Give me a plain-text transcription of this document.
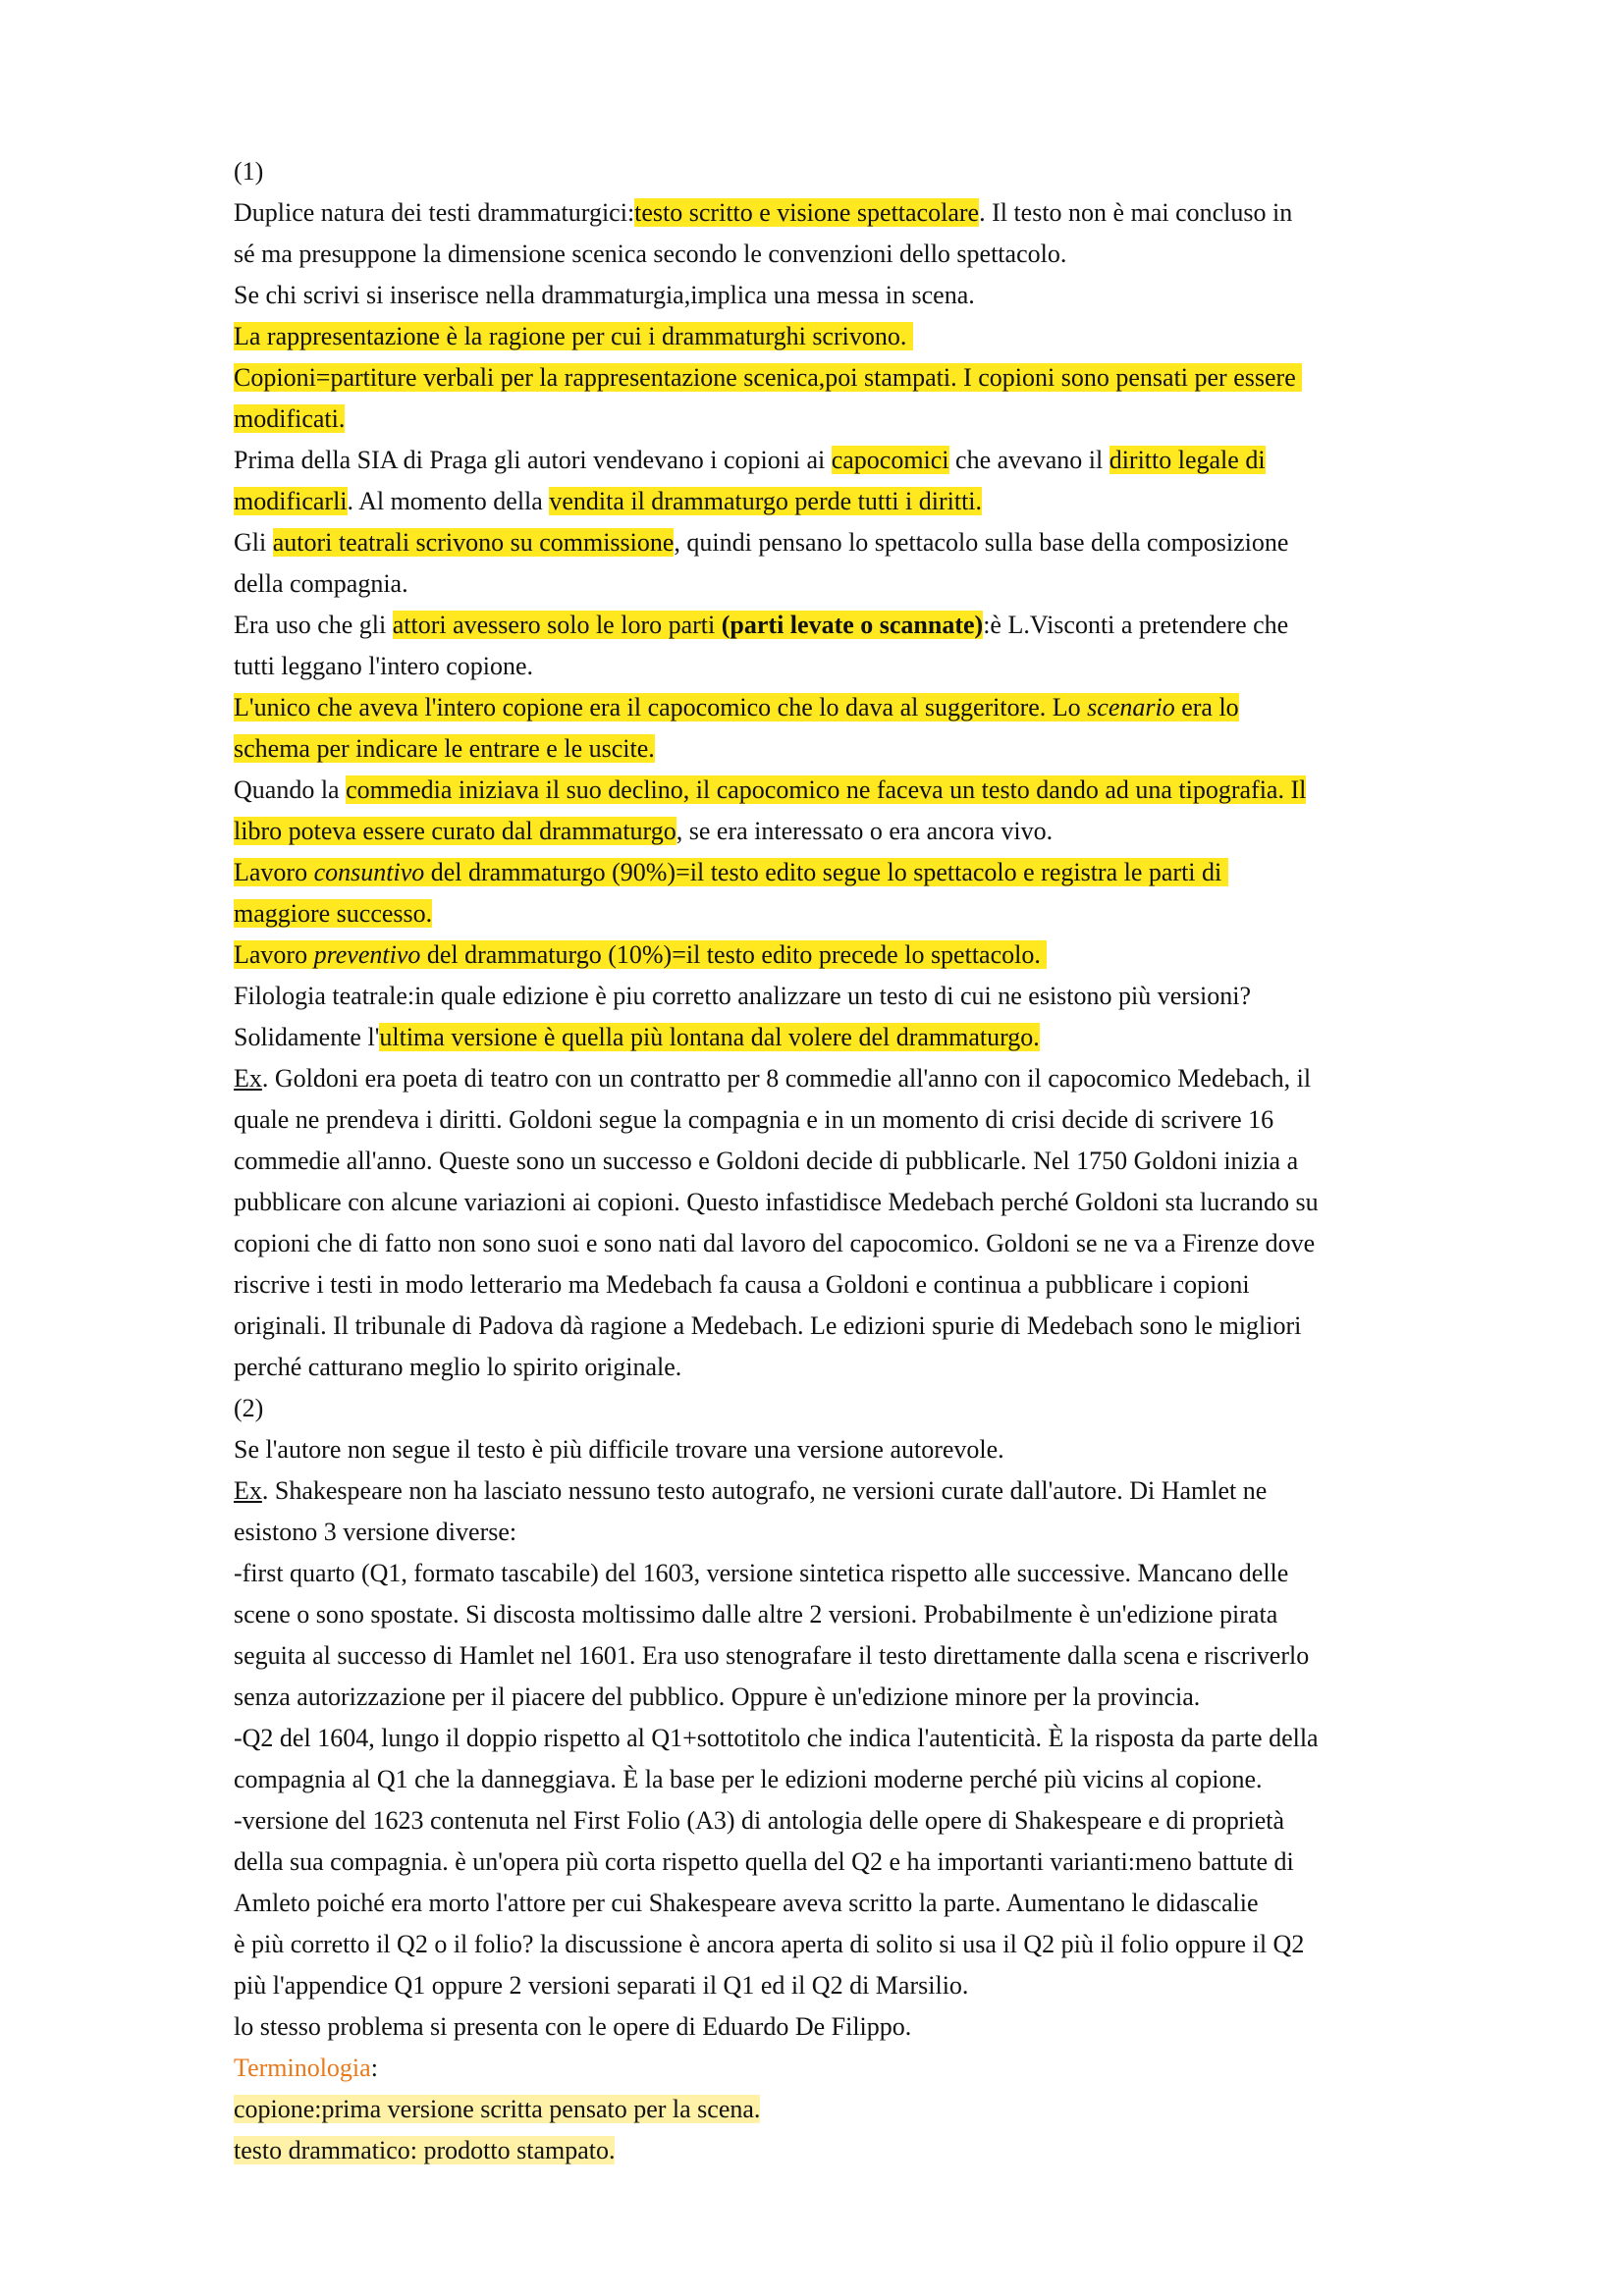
(1)
Duplice natura dei testi drammaturgici:testo scritto e visione spettacolare. Il testo non è mai concluso in
sé ma presuppone la dimensione scenica secondo le convenzioni dello spettacolo.
Se chi scrivi si inserisce nella drammaturgia,implica una messa in scena.
La rappresentazione è la ragione per cui i drammaturghi scrivono.
Copioni=partiture verbali per la rappresentazione scenica,poi stampati. I copioni sono pensati per essere
modificati.
Prima della SIA di Praga gli autori vendevano i copioni ai capocomici che avevano il diritto legale di
modificarli. Al momento della vendita il drammaturgo perde tutti i diritti.
Gli autori teatrali scrivono su commissione, quindi pensano lo spettacolo sulla base della composizione
della compagnia.
Era uso che gli attori avessero solo le loro parti (parti levate o scannate):è L.Visconti a pretendere che
tutti leggano l'intero copione.
L'unico che aveva l'intero copione era il capocomico che lo dava al suggeritore. Lo scenario era lo
schema per indicare le entrare e le uscite.
Quando la commedia iniziava il suo declino, il capocomico ne faceva un testo dando ad una tipografia. Il
libro poteva essere curato dal drammaturgo, se era interessato o era ancora vivo.
Lavoro consuntivo del drammaturgo (90%)=il testo edito segue lo spettacolo e registra le parti di
maggiore successo.
Lavoro preventivo del drammaturgo (10%)=il testo edito precede lo spettacolo.
Filologia teatrale:in quale edizione è piu corretto analizzare un testo di cui ne esistono più versioni?
Solidamente l'ultima versione è quella più lontana dal volere del drammaturgo.
Ex. Goldoni era poeta di teatro con un contratto per 8 commedie all'anno con il capocomico Medebach, il
quale ne prendeva i diritti. Goldoni segue la compagnia e in un momento di crisi decide di scrivere 16
commedie all'anno. Queste sono un successo e Goldoni decide di pubblicarle. Nel 1750 Goldoni inizia a
pubblicare con alcune variazioni ai copioni. Questo infastidisce Medebach perché Goldoni sta lucrando su
copioni che di fatto non sono suoi e sono nati dal lavoro del capocomico. Goldoni se ne va a Firenze dove
riscrive i testi in modo letterario ma Medebach fa causa a Goldoni e continua a pubblicare i copioni
originali. Il tribunale di Padova dà ragione a Medebach. Le edizioni spurie di Medebach sono le migliori
perché catturano meglio lo spirito originale.
(2)
Se l'autore non segue il testo è più difficile trovare una versione autorevole.
Ex. Shakespeare non ha lasciato nessuno testo autografo, ne versioni curate dall'autore. Di Hamlet ne
esistono 3 versione diverse:
-first quarto (Q1, formato tascabile) del 1603, versione sintetica rispetto alle successive. Mancano delle
scene o sono spostate. Si discosta moltissimo dalle altre 2 versioni. Probabilmente è un'edizione pirata
seguita al successo di Hamlet nel 1601. Era uso stenografare il testo direttamente dalla scena e riscriverlo
senza autorizzazione per il piacere del pubblico. Oppure è un'edizione minore per la provincia.
-Q2 del 1604, lungo il doppio rispetto al Q1+sottotitolo che indica l'autenticità. È la risposta da parte della
compagnia al Q1 che la danneggiava. È la base per le edizioni moderne perché più vicins al copione.
-versione del 1623 contenuta nel First Folio (A3) di antologia delle opere di Shakespeare e di proprietà
della sua compagnia. è un'opera più corta rispetto quella del Q2 e ha importanti varianti:meno battute di
Amleto poiché era morto l'attore per cui Shakespeare aveva scritto la parte. Aumentano le didascalie
è più corretto il Q2 o il folio? la discussione è ancora aperta di solito si usa il Q2 più il folio oppure il Q2
più l'appendice Q1 oppure 2 versioni separati il Q1 ed il Q2 di Marsilio.
lo stesso problema si presenta con le opere di Eduardo De Filippo.
Terminologia:
copione:prima versione scritta pensato per la scena.
testo drammatico: prodotto stampato.
